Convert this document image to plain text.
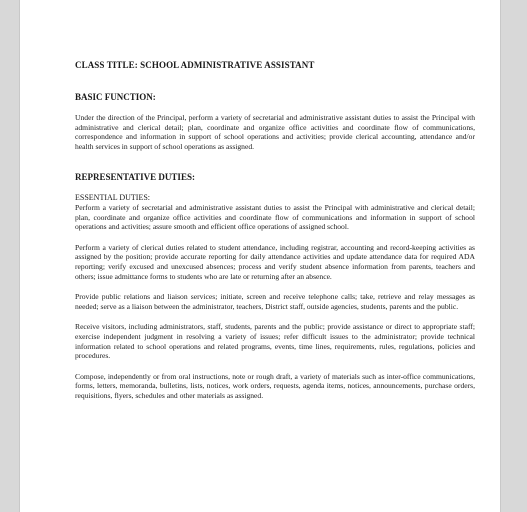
CLASS TITLE: SCHOOL ADMINISTRATIVE ASSISTANT

BASIC FUNCTION:

Under the direction of the Principal, perform a variety of secretarial and administrative assistant duties to assist the Principal with administrative and clerical detail; plan, coordinate and organize office activities and coordinate flow of communications, correspondence and information in support of school operations and activities; provide clerical accounting, attendance and/or health services in support of school operations as assigned.

REPRESENTATIVE DUTIES:

ESSENTIAL DUTIES:

Perform a variety of secretarial and administrative assistant duties to assist the Principal with administrative and clerical detail; plan, coordinate and organize office activities and coordinate flow of communications and information in support of school operations and activities; assure smooth and efficient office operations of assigned school.

Perform a variety of clerical duties related to student attendance, including registrar, accounting and record-keeping activities as assigned by the position; provide accurate reporting for daily attendance activities and update attendance data for required ADA reporting; verify excused and unexcused absences; process and verify student absence information from parents, teachers and others; issue admittance forms to students who are late or returning after an absence.

Provide public relations and liaison services; initiate, screen and receive telephone calls; take, retrieve and relay messages as needed; serve as a liaison between the administrator, teachers, District staff, outside agencies, students, parents and the public.

Receive visitors, including administrators, staff, students, parents and the public; provide assistance or direct to appropriate staff; exercise independent judgment in resolving a variety of issues; refer difficult issues to the administrator; provide technical information related to school operations and related programs, events, time lines, requirements, rules, regulations, policies and procedures.

Compose, independently or from oral instructions, note or rough draft, a variety of materials such as inter-office communications, forms, letters, memoranda, bulletins, lists, notices, work orders, requests, agenda items, notices, announcements, purchase orders, requisitions, flyers, schedules and other materials as assigned.
